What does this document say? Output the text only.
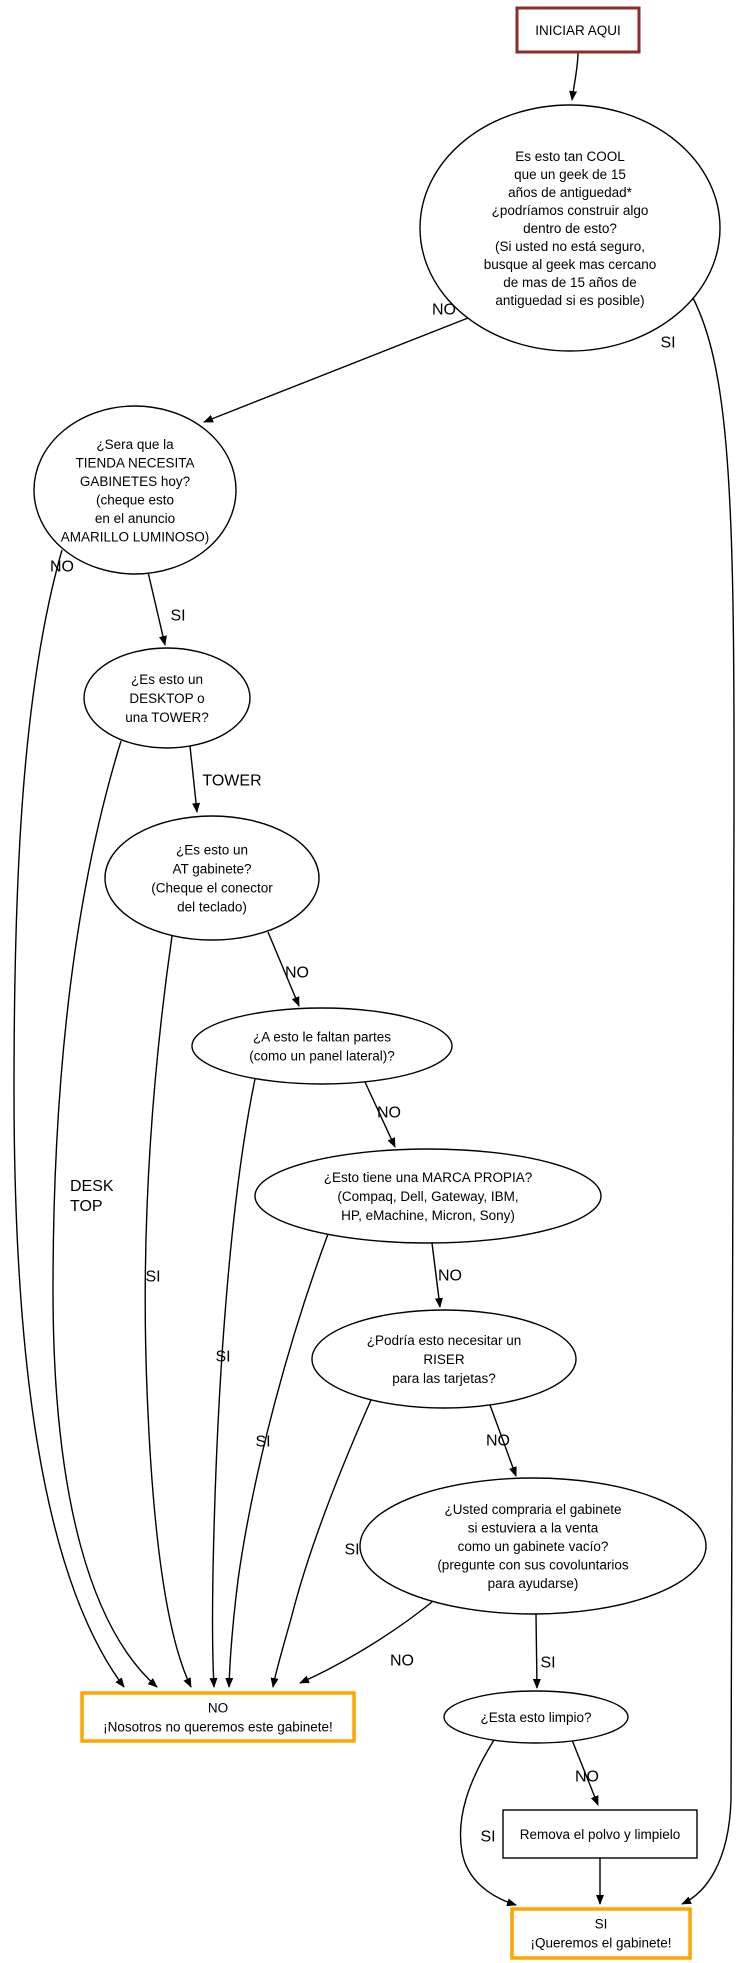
NO
SI
SI
NO
TOWER
DESK TOP
NO
SI
NO
SI
NO
SI	NO
SI
SI
NO
NO
SI
INICIAR AQUI
Es esto tan COOL que un geek de 15 años de antiguedad* ¿podríamos construir algo dentro de esto? (Si usted no está seguro, busque al geek mas cercano de mas de 15 años de antiguedad si es posible)
¿Sera que la TIENDA NECESITA GABINETES hoy? (cheque esto en el anuncio AMARILLO LUMINOSO)
¿Es esto un DESKTOP o una TOWER?
¿Es esto un AT gabinete? (Cheque el conector del teclado)
¿A esto le faltan partes (como un panel lateral)?
¿Esto tiene una MARCA PROPIA? (Compaq, Dell, Gateway, IBM, HP, eMachine, Micron, Sony)
¿Podría esto necesitar un RISER para las tarjetas?
¿Usted compraria el gabinete si estuviera a la venta como un gabinete vacío? (pregunte con sus covoluntarios para ayudarse)
NO ¡Nosotros no queremos este gabinete!
¿Esta esto limpio?
Remova el polvo y limpielo
SI ¡Queremos el gabinete!
